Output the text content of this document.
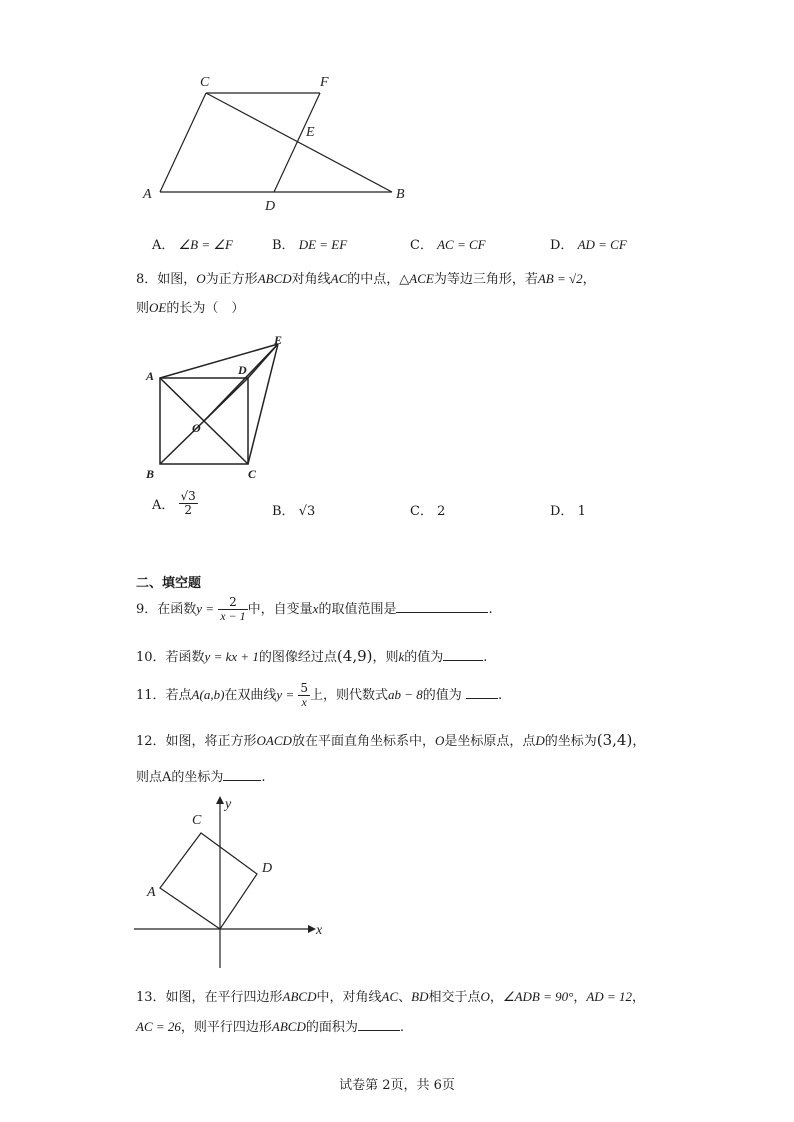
C	F
E
A
D
B
A． ∠B = ∠F	B． DE = EF	C． AC = CF	D． AD = CF
8．如图，O为正方形ABCD对角线AC的中点，△ACE为等边三角形，若AB = √2，
则OE的长为（　）
A
B	C
D
E
O
A． $\frac{√3}{2}$	B． √3	C． 2	D． 1
二、填空题
9．在函数$y = \frac{2}{x - 1}$ 中，自变量x的取值范围是	.
10．若函数y = kx + 1的图像经过点(4,9)，则k的值为	.
11．若点A(a,b)在双曲线$y = \frac{5}{x}$ 上，则代数式ab − 8的值为	.
12．如图，将正方形OACD放在平面直角坐标系中，O是坐标原点，点D的坐标为(3,4)，
则点A的坐标为	.
C
D
A
x
y
13．如图，在平行四边形ABCD中，对角线AC、BD相交于点O，∠ADB = 90°，AD = 12，
AC = 26，则平行四边形ABCD的面积为	.
试卷第 2页，共 6页
